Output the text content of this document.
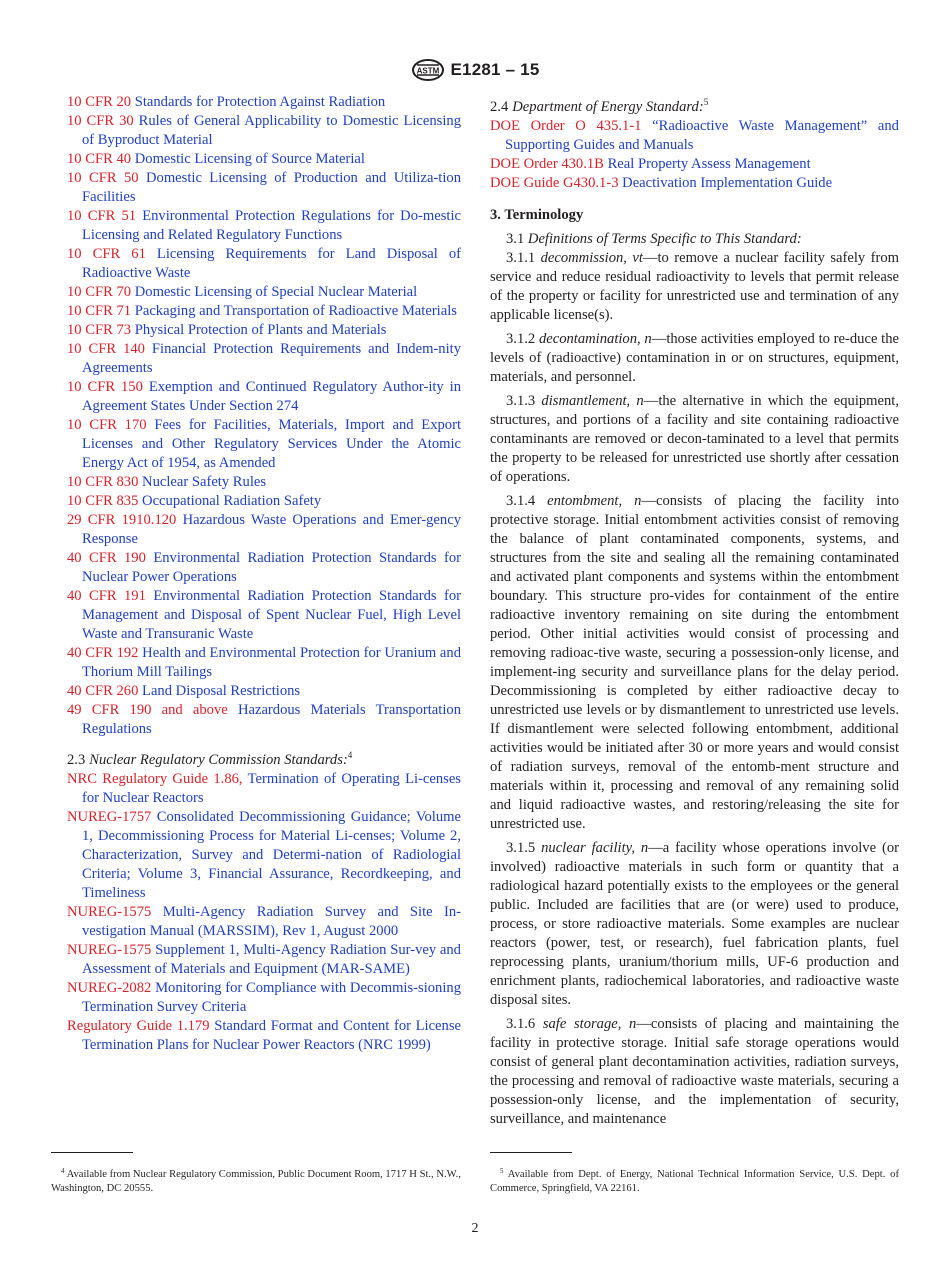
ASTM E1281 – 15

10 CFR 20 Standards for Protection Against Radiation

10 CFR 30 Rules of General Applicability to Domestic Licensing of Byproduct Material

10 CFR 40 Domestic Licensing of Source Material

10 CFR 50 Domestic Licensing of Production and Utiliza-tion Facilities

10 CFR 51 Environmental Protection Regulations for Do-mestic Licensing and Related Regulatory Functions

10 CFR 61 Licensing Requirements for Land Disposal of Radioactive Waste

10 CFR 70 Domestic Licensing of Special Nuclear Material

10 CFR 71 Packaging and Transportation of Radioactive Materials

10 CFR 73 Physical Protection of Plants and Materials

10 CFR 140 Financial Protection Requirements and Indem-nity Agreements

10 CFR 150 Exemption and Continued Regulatory Author-ity in Agreement States Under Section 274

10 CFR 170 Fees for Facilities, Materials, Import and Export Licenses and Other Regulatory Services Under the Atomic Energy Act of 1954, as Amended

10 CFR 830 Nuclear Safety Rules

10 CFR 835 Occupational Radiation Safety

29 CFR 1910.120 Hazardous Waste Operations and Emer-gency Response

40 CFR 190 Environmental Radiation Protection Standards for Nuclear Power Operations

40 CFR 191 Environmental Radiation Protection Standards for Management and Disposal of Spent Nuclear Fuel, High Level Waste and Transuranic Waste

40 CFR 192 Health and Environmental Protection for Uranium and Thorium Mill Tailings

40 CFR 260 Land Disposal Restrictions

49 CFR 190 and above Hazardous Materials Transportation Regulations

2.3 Nuclear Regulatory Commission Standards:$^4$

NRC Regulatory Guide 1.86, Termination of Operating Li-censes for Nuclear Reactors

NUREG-1757 Consolidated Decommissioning Guidance; Volume 1, Decommissioning Process for Material Li-censes; Volume 2, Characterization, Survey and Determi-nation of Radiologial Criteria; Volume 3, Financial Assurance, Recordkeeping, and Timeliness

NUREG-1575 Multi-Agency Radiation Survey and Site In-vestigation Manual (MARSSIM), Rev 1, August 2000

NUREG-1575 Supplement 1, Multi-Agency Radiation Sur-vey and Assessment of Materials and Equipment (MAR-SAME)

NUREG-2082 Monitoring for Compliance with Decommis-sioning Termination Survey Criteria

Regulatory Guide 1.179 Standard Format and Content for License Termination Plans for Nuclear Power Reactors (NRC 1999)

2.4 Department of Energy Standard:$^5$

DOE Order O 435.1-1 “Radioactive Waste Management” and Supporting Guides and Manuals

DOE Order 430.1B Real Property Assess Management

DOE Guide G430.1-3 Deactivation Implementation Guide

3. Terminology

3.1 Definitions of Terms Specific to This Standard:

3.1.1 decommission, vt—to remove a nuclear facility safely from service and reduce residual radioactivity to levels that permit release of the property or facility for unrestricted use and termination of any applicable license(s).

3.1.2 decontamination, n—those activities employed to re-duce the levels of (radioactive) contamination in or on structures, equipment, materials, and personnel.

3.1.3 dismantlement, n—the alternative in which the equipment, structures, and portions of a facility and site containing radioactive contaminants are removed or decon-taminated to a level that permits the property to be released for unrestricted use shortly after cessation of operations.

3.1.4 entombment, n—consists of placing the facility into protective storage. Initial entombment activities consist of removing the balance of plant contaminated components, systems, and structures from the site and sealing all the remaining contaminated and activated plant components and systems within the entombment boundary. This structure pro-vides for containment of the entire radioactive inventory remaining on site during the entombment period. Other initial activities would consist of processing and removing radioac-tive waste, securing a possession-only license, and implement-ing security and surveillance plans for the delay period. Decommissioning is completed by either radioactive decay to unrestricted use levels or by dismantlement to unrestricted use levels. If dismantlement were selected following entombment, additional activities would be initiated after 30 or more years and would consist of radiation surveys, removal of the entomb-ment structure and materials within it, processing and removal of any remaining solid and liquid radioactive wastes, and restoring/releasing the site for unrestricted use.

3.1.5 nuclear facility, n—a facility whose operations involve (or involved) radioactive materials in such form or quantity that a radiological hazard potentially exists to the employees or the general public. Included are facilities that are (or were) used to produce, process, or store radioactive materials. Some examples are nuclear reactors (power, test, or research), fuel fabrication plants, fuel reprocessing plants, uranium/thorium mills, UF-6 production and enrichment plants, radiochemical laboratories, and radioactive waste disposal sites.

3.1.6 safe storage, n—consists of placing and maintaining the facility in protective storage. Initial safe storage operations would consist of general plant decontamination activities, radiation surveys, the processing and removal of radioactive waste materials, securing a possession-only license, and the implementation of security, surveillance, and maintenance

$^4$ Available from Nuclear Regulatory Commission, Public Document Room, 1717 H St., N.W., Washington, DC 20555.
$^5$ Available from Dept. of Energy, National Technical Information Service, U.S. Dept. of Commerce, Springfield, VA 22161.
2
